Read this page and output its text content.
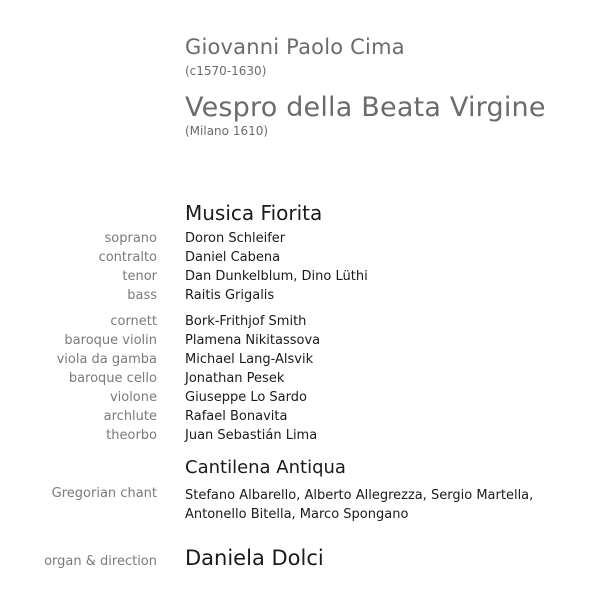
Giovanni Paolo Cima
(c1570-1630)
Vespro della Beata Virgine
(Milano 1610)
Musica Fiorita
soprano Doron Schleifer
contralto Daniel Cabena
tenor Dan Dunkelblum, Dino Lüthi
bass Raitis Grigalis
cornett Bork-Frithjof Smith
baroque violin Plamena Nikitassova
viola da gamba Michael Lang-Alsvik
baroque cello Jonathan Pesek
violone Giuseppe Lo Sardo
archlute Rafael Bonavita
theorbo Juan Sebastián Lima
Cantilena Antiqua
Gregorian chant Stefano Albarello, Alberto Allegrezza, Sergio Martella,
Antonello Bitella, Marco Spongano
organ & direction Daniela Dolci
